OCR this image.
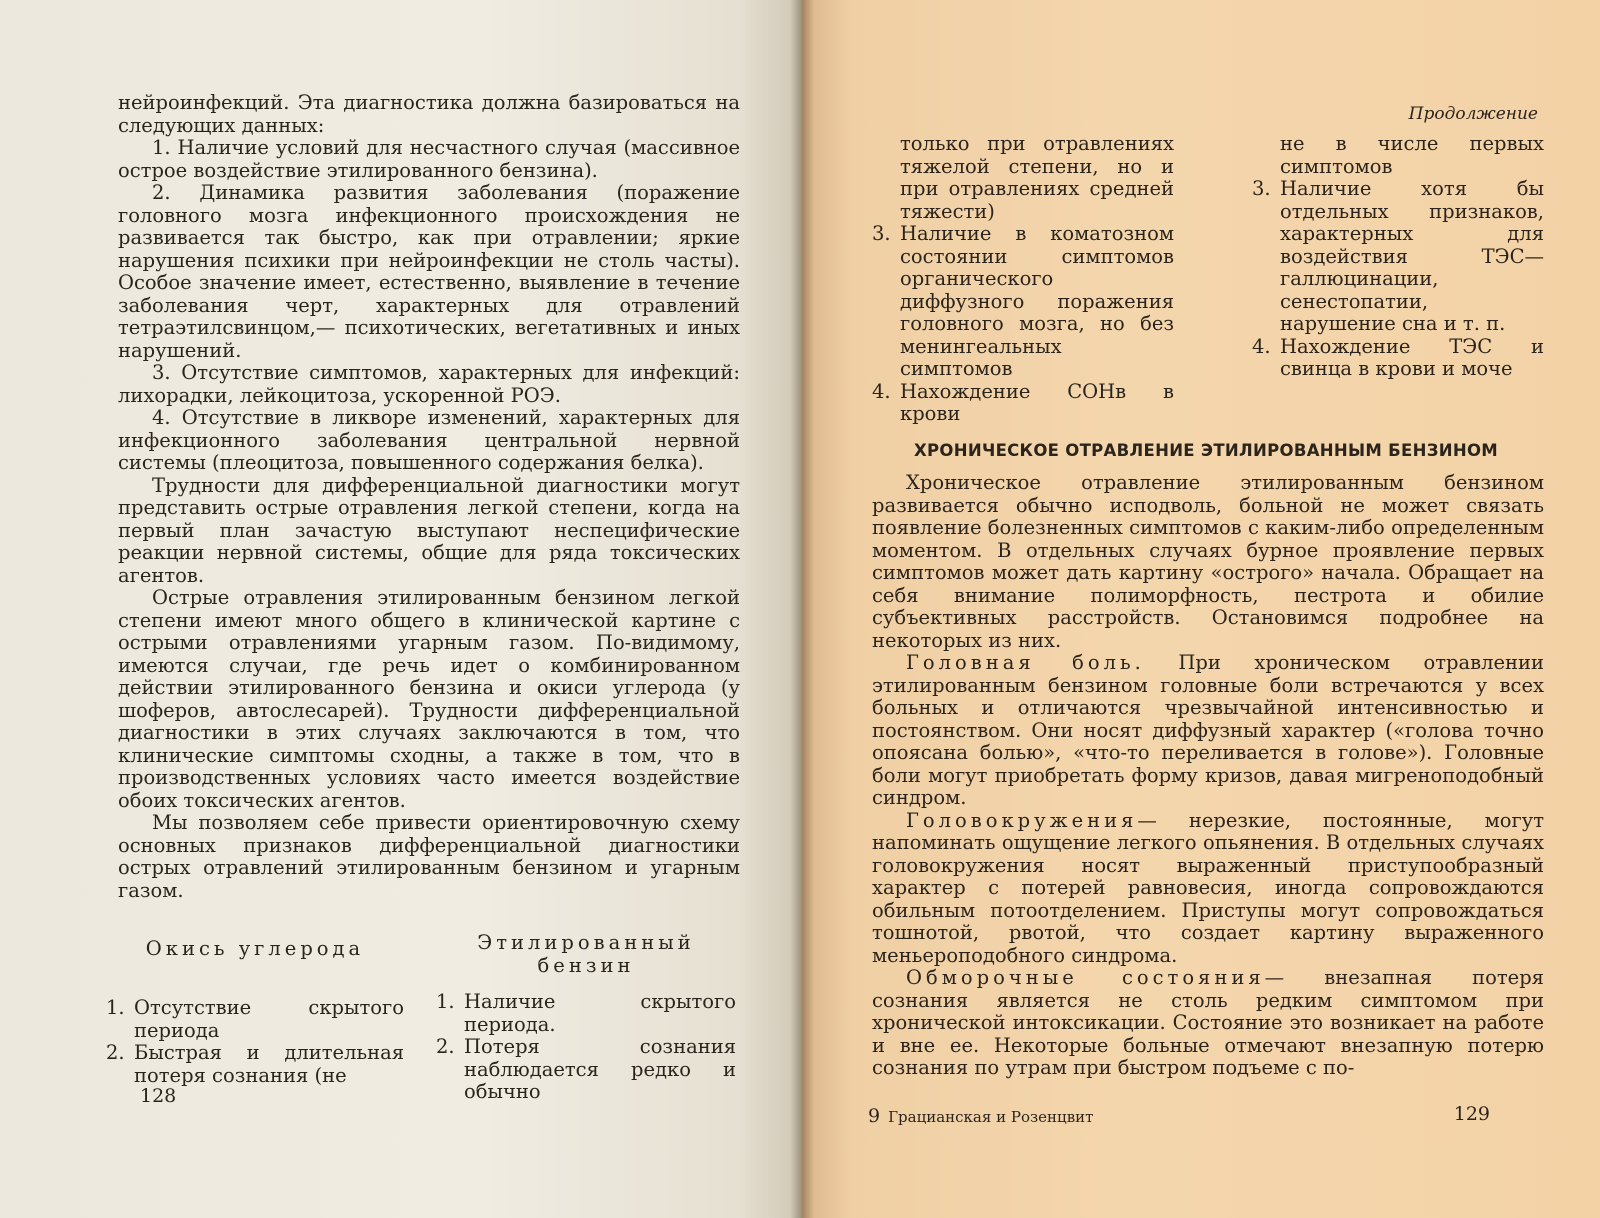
нейроинфекций. Эта диагностика должна базироваться на следующих данных:

1. Наличие условий для несчастного случая (массивное острое воздействие этилированного бензина).

2. Динамика развития заболевания (поражение головного мозга инфекционного происхождения не развивается так быстро, как при отравлении; яркие нарушения психики при нейроинфекции не столь часты). Особое значение имеет, естественно, выявление в течение заболевания черт, характерных для отравлений тетраэтилсвинцом,— психотических, вегетативных и иных нарушений.

3. Отсутствие симптомов, характерных для инфекций: лихорадки, лейкоцитоза, ускоренной РОЭ.

4. Отсутствие в ликворе изменений, характерных для инфекционного заболевания центральной нервной системы (плеоцитоза, повышенного содержания белка).

Трудности для дифференциальной диагностики могут представить острые отравления легкой степени, когда на первый план зачастую выступают неспецифические реакции нервной системы, общие для ряда токсических агентов.

Острые отравления этилированным бензином легкой степени имеют много общего в клинической картине с острыми отравлениями угарным газом. По-видимому, имеются случаи, где речь идет о комбинированном действии этилированного бензина и окиси углерода (у шоферов, автослесарей). Трудности дифференциальной диагностики в этих случаях заключаются в том, что клинические симптомы сходны, а также в том, что в производственных условиях часто имеется воздействие обоих токсических агентов.

Мы позволяем себе привести ориентировочную схему основных признаков дифференциальной диагностики острых отравлений этилированным бензином и угарным газом.

Окись углерода
1. Отсутствие скрытого периода
2. Быстрая и длительная потеря сознания (не
Этилированный бензин
1. Наличие скрытого периода.
2. Потеря сознания наблюдается редко и обычно
128
Продолжение
только при отравлениях тяжелой степени, но и при отравлениях средней тяжести)
3. Наличие в коматозном состоянии симптомов органического диффузного поражения головного мозга, но без менингеальных симптомов
4. Нахождение СОНв в крови
не в числе первых симптомов
3. Наличие хотя бы отдельных признаков, характерных для воздействия ТЭС—галлюцинации, сенестопатии, нарушение сна и т. п.
4. Нахождение ТЭС и свинца в крови и моче
ХРОНИЧЕСКОЕ ОТРАВЛЕНИЕ ЭТИЛИРОВАННЫМ БЕНЗИНОМ

Хроническое отравление этилированным бензином развивается обычно исподволь, больной не может связать появление болезненных симптомов с каким-либо определенным моментом. В отдельных случаях бурное проявление первых симптомов может дать картину «острого» начала. Обращает на себя внимание полиморфность, пестрота и обилие субъективных расстройств. Остановимся подробнее на некоторых из них.

Головная боль. При хроническом отравлении этилированным бензином головные боли встречаются у всех больных и отличаются чрезвычайной интенсивностью и постоянством. Они носят диффузный характер («голова точно опоясана болью», «что-то переливается в голове»). Головные боли могут приобретать форму кризов, давая мигреноподобный синдром.

Головокружения— нерезкие, постоянные, могут напоминать ощущение легкого опьянения. В отдельных случаях головокружения носят выраженный приступообразный характер с потерей равновесия, иногда сопровождаются обильным потоотделением. Приступы могут сопровождаться тошнотой, рвотой, что создает картину выраженного меньероподобного синдрома.

Обморочные состояния— внезапная потеря сознания является не столь редким симптомом при хронической интоксикации. Состояние это возникает на работе и вне ее. Некоторые больные отмечают внезапную потерю сознания по утрам при быстром подъеме с по-

9 Грацианская и Розенцвит	129
